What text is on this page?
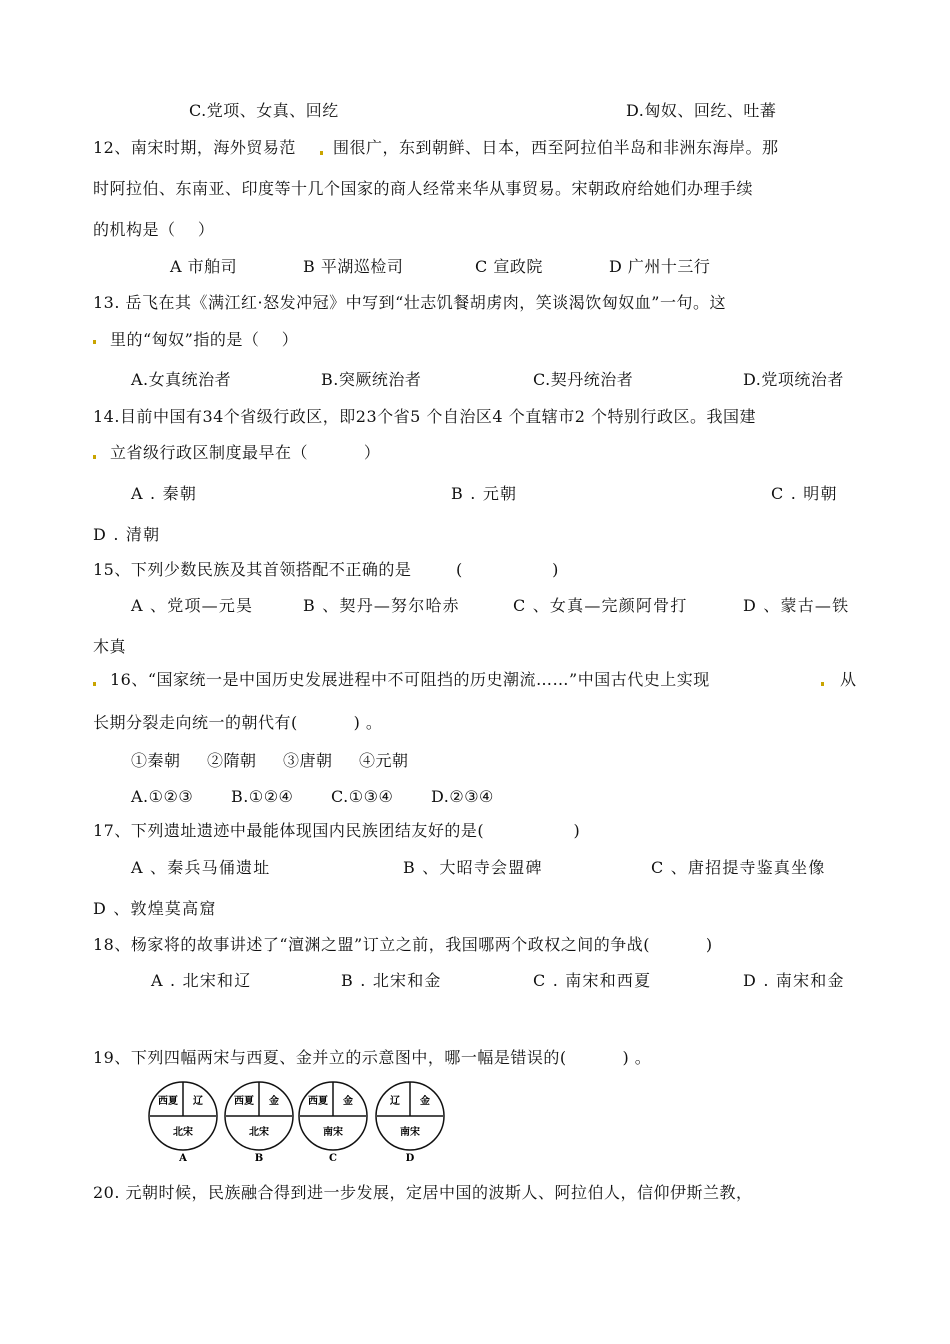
C.党项、女真、回纥	D.匈奴、回纥、吐蕃
12、南宋时期，海外贸易范 围很广，东到朝鲜、日本，西至阿拉伯半岛和非洲东海岸。那
时阿拉伯、东南亚、印度等十几个国家的商人经常来华从事贸易。宋朝政府给她们办理手续
的机构是（    ）
A 市舶司	B 平湖巡检司	C 宣政院	D 广州十三行
13. 岳飞在其《满江红·怒发冲冠》中写到“壮志饥餐胡虏肉，笑谈渴饮匈奴血”一句。这
里的“匈奴”指的是（    ）
A.女真统治者	B.突厥统治者	C.契丹统治者	D.党项统治者
14.目前中国有34个省级行政区，即23个省5 个自治区4 个直辖市2 个特别行政区。我国建
立省级行政区制度最早在（          ）
A . 秦朝	B . 元朝	C . 明朝
D . 清朝
15、下列少数民族及其首领搭配不正确的是        (                )
A 、党项—元昊	B 、契丹—努尔哈赤	C 、女真—完颜阿骨打	D 、蒙古—铁
木真
16、“国家统一是中国历史发展进程中不可阻挡的历史潮流……”中国古代史上实现	从
长期分裂走向统一的朝代有(          ) 。
①秦朝 ②隋朝 ③唐朝 ④元朝
A.①②③ B.①②④ C.①③④ D.②③④
17、下列遗址遗迹中最能体现国内民族团结友好的是(                )
A 、秦兵马俑遗址	B 、大昭寺会盟碑	C 、唐招提寺鉴真坐像
D 、敦煌莫高窟
18、杨家将的故事讲述了“澶渊之盟”订立之前，我国哪两个政权之间的争战(          )
A . 北宋和辽	B . 北宋和金	C . 南宋和西夏	D . 南宋和金
19、下列四幅两宋与西夏、金并立的示意图中，哪一幅是错误的(          ) 。
西夏 辽
北宋
A
西夏 金
北宋
B
西夏 金
南宋
C
辽 金
南宋
D
20. 元朝时候，民族融合得到进一步发展，定居中国的波斯人、阿拉伯人，信仰伊斯兰教，
